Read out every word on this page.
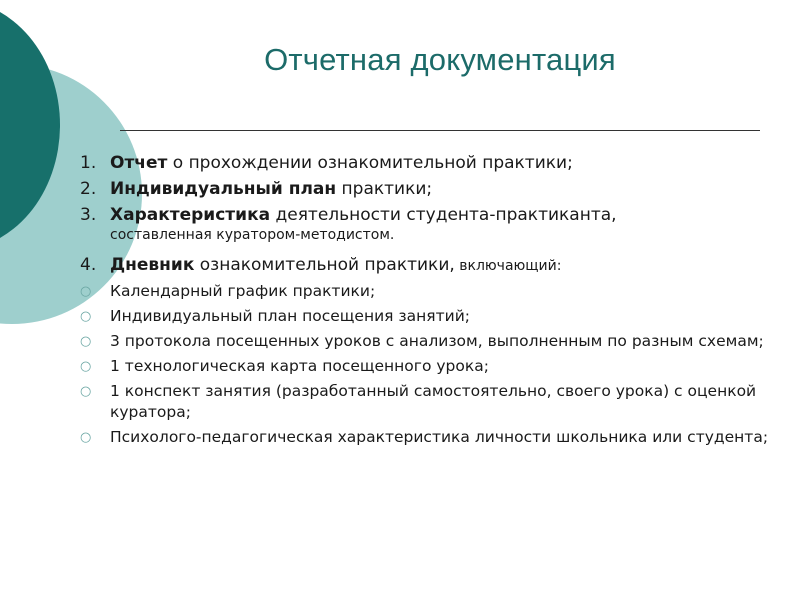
Отчетная документация
1. Отчет о прохождении ознакомительной практики;
2. Индивидуальный план практики;
3. Характеристика деятельности студента-практиканта,
составленная куратором-методистом.
4. Дневник ознакомительной практики, включающий:
○ Календарный график практики;
○ Индивидуальный план посещения занятий;
○ 3 протокола посещенных уроков с анализом, выполненным по разным схемам;
○ 1 технологическая карта посещенного урока;
○ 1 конспект занятия (разработанный самостоятельно, своего урока) с оценкой куратора;
○ Психолого-педагогическая характеристика личности школьника или студента;
